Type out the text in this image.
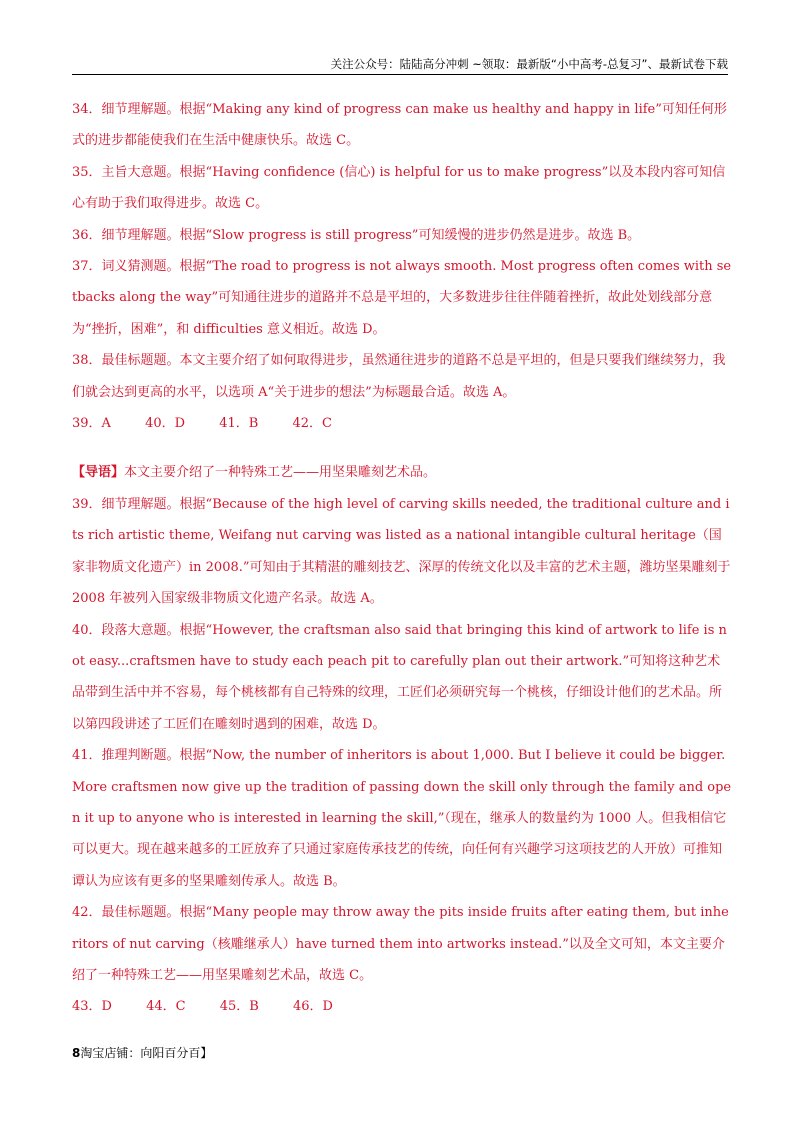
关注公众号：陆陆高分冲刺 ~领取：最新版“小中高考-总复习”、最新试卷下载

34．细节理解题。根据“Making any kind of progress can make us healthy and happy in life”可知任何形式的进步都能使我们在生活中健康快乐。故选 C。

35．主旨大意题。根据“Having confidence (信心) is helpful for us to make progress”以及本段内容可知信心有助于我们取得进步。故选 C。

36．细节理解题。根据“Slow progress is still progress”可知缓慢的进步仍然是进步。故选 B。

37．词义猜测题。根据“The road to progress is not always smooth. Most progress often comes with setbacks along the way”可知通往进步的道路并不总是平坦的，大多数进步往往伴随着挫折，故此处划线部分意为“挫折，困难”，和 difficulties 意义相近。故选 D。

38．最佳标题题。本文主要介绍了如何取得进步，虽然通往进步的道路不总是平坦的，但是只要我们继续努力，我们就会达到更高的水平，以选项 A“关于进步的想法”为标题最合适。故选 A。

39．A	40．D	41．B	42．C

【导语】本文主要介绍了一种特殊工艺——用坚果雕刻艺术品。

39．细节理解题。根据“Because of the high level of carving skills needed, the traditional culture and its rich artistic theme, Weifang nut carving was listed as a national intangible cultural heritage（国家非物质文化遗产）in 2008.”可知由于其精湛的雕刻技艺、深厚的传统文化以及丰富的艺术主题，潍坊坚果雕刻于 2008 年被列入国家级非物质文化遗产名录。故选 A。

40．段落大意题。根据“However, the craftsman also said that bringing this kind of artwork to life is not easy...craftsmen have to study each peach pit to carefully plan out their artwork.”可知将这种艺术品带到生活中并不容易，每个桃核都有自己特殊的纹理，工匠们必须研究每一个桃核，仔细设计他们的艺术品。所以第四段讲述了工匠们在雕刻时遇到的困难，故选 D。

41．推理判断题。根据“Now, the number of inheritors is about 1,000. But I believe it could be bigger. More craftsmen now give up the tradition of passing down the skill only through the family and open it up to anyone who is interested in learning the skill,”（现在，继承人的数量约为 1000 人。但我相信它可以更大。现在越来越多的工匠放弃了只通过家庭传承技艺的传统，向任何有兴趣学习这项技艺的人开放）可推知谭认为应该有更多的坚果雕刻传承人。故选 B。

42．最佳标题题。根据“Many people may throw away the pits inside fruits after eating them, but inheritors of nut carving（核雕继承人）have turned them into artworks instead.”以及全文可知，本文主要介绍了一种特殊工艺——用坚果雕刻艺术品，故选 C。

43．D	44．C	45．B	46．D

8淘宝店铺：向阳百分百】
